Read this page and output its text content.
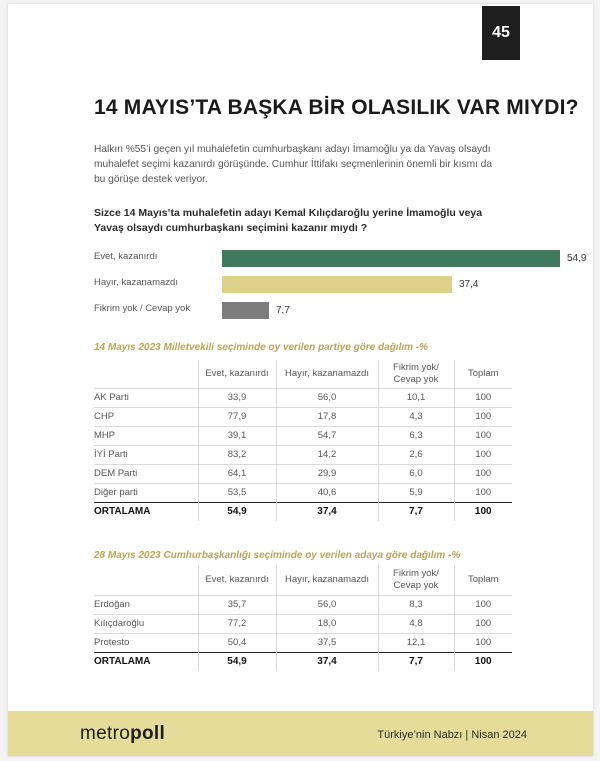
45
14 MAYIS’TA BAŞKA BİR OLASILIK VAR MIYDI?
Halkın %55’i geçen yıl muhalefetin cumhurbaşkanı adayı İmamoğlu ya da Yavaş olsaydı muhalefet seçimi kazanırdı görüşünde. Cumhur İttifakı seçmenlerinin önemli bir kısmı da bu görüşe destek veriyor.
Sizce 14 Mayıs’ta muhalefetin adayı Kemal Kılıçdaroğlu yerine İmamoğlu veya Yavaş olsaydı cumhurbaşkanı seçimini kazanır mıydı ?
Evet, kazanırdı	54,9
Hayır, kazanamazdı	37,4
Fikrim yok / Cevap yok	7,7
14 Mayıs 2023 Milletvekili seçiminde oy verilen partiye göre dağılım -%
	Evet, kazanırdı	Hayır, kazanamazdı	Fikrim yok/ Cevap yok	Toplam
AK Parti	33,9	56,0	10,1	100
CHP	77,9	17,8	4,3	100
MHP	39,1	54,7	6,3	100
İYİ Parti	83,2	14,2	2,6	100
DEM Parti	64,1	29,9	6,0	100
Diğer parti	53,5	40,6	5,9	100
ORTALAMA	54,9	37,4	7,7	100
28 Mayıs 2023 Cumhurbaşkanlığı seçiminde oy verilen adaya göre dağılım -%
	Evet, kazanırdı	Hayır, kazanamazdı	Fikrim yok/ Cevap yok	Toplam
Erdoğan	35,7	56,0	8,3	100
Kılıçdaroğlu	77,2	18,0	4,8	100
Protesto	50,4	37,5	12,1	100
ORTALAMA	54,9	37,4	7,7	100
metropoll	Türkiye’nin Nabzı | Nisan 2024
